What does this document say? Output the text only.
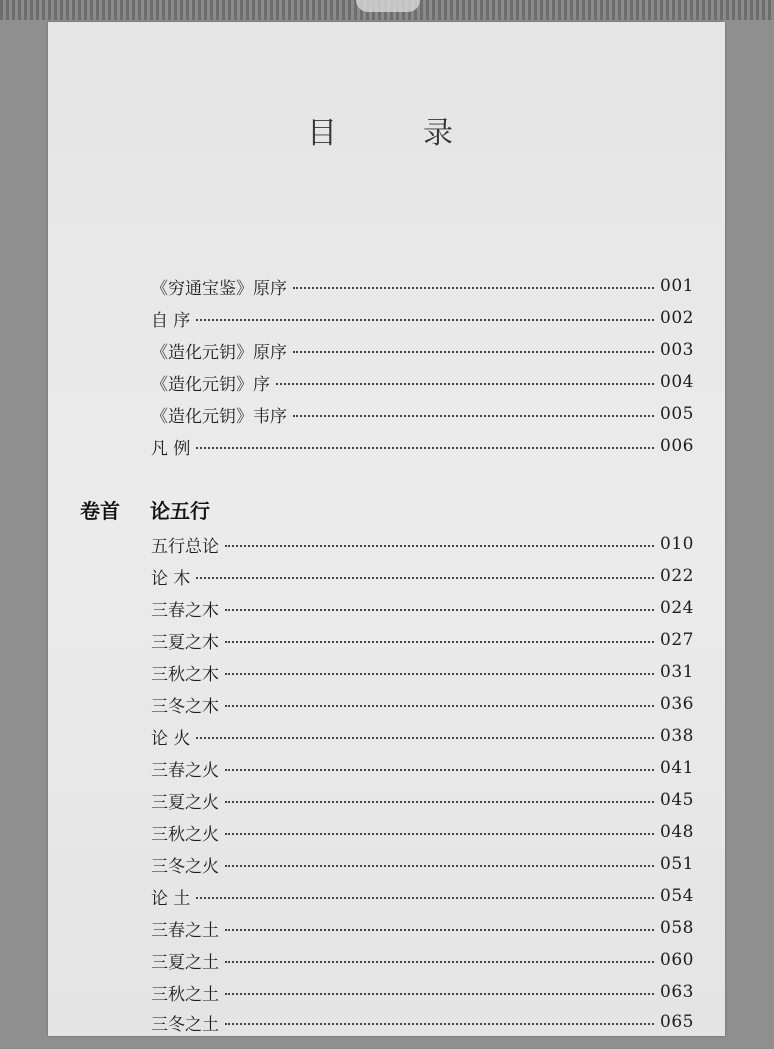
目　录
《穷通宝鉴》原序	001
自 序	002
《造化元钥》原序	003
《造化元钥》序	004
《造化元钥》韦序	005
凡 例	006
卷首 论五行
五行总论	010
论 木	022
三春之木	024
三夏之木	027
三秋之木	031
三冬之木	036
论 火	038
三春之火	041
三夏之火	045
三秋之火	048
三冬之火	051
论 土	054
三春之土	058
三夏之土	060
三秋之土	063
三冬之土	065
